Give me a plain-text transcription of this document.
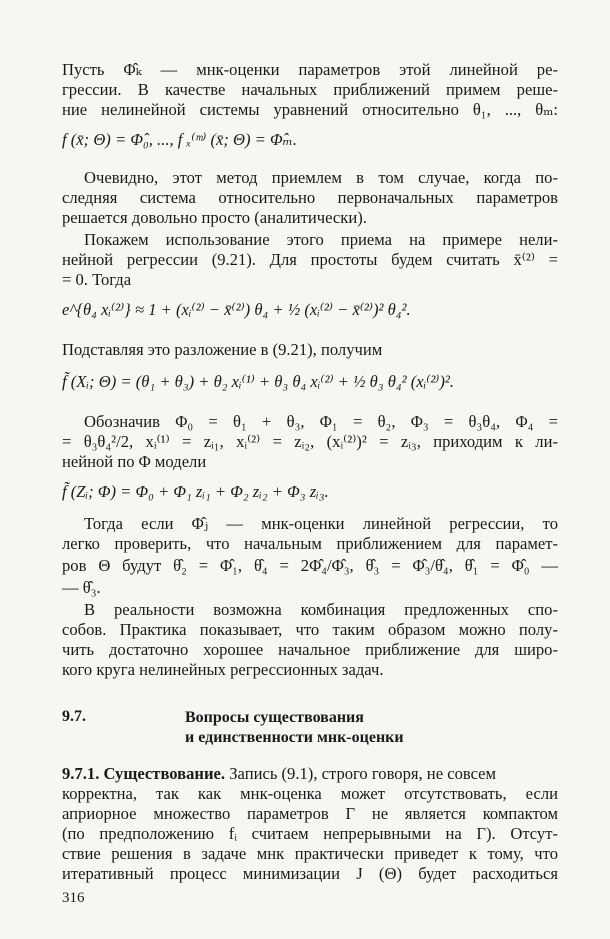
Пусть Φ̂ₖ — мнк-оценки параметров этой линейной ре-
грессии. В качестве начальных приближений примем реше-
ние нелинейной системы уравнений относительно θ₁, ..., θₘ:
f (x̄; Θ) = Φ̂₀, ..., f ₓ⁽ᵐ⁾ (x̄; Θ) = Φ̂ₘ.
Очевидно, этот метод приемлем в том случае, когда по-
следняя система относительно первоначальных параметров
решается довольно просто (аналитически).
Покажем использование этого приема на примере нели-
нейной регрессии (9.21). Для простоты будем считать x̄⁽²⁾ =
= 0. Тогда
e^{θ₄ xᵢ⁽²⁾} ≈ 1 + (xᵢ⁽²⁾ − x̄⁽²⁾) θ₄ + ½ (xᵢ⁽²⁾ − x̄⁽²⁾)² θ₄².
Подставляя это разложение в (9.21), получим
f̃ (Xᵢ; Θ) = (θ₁ + θ₃) + θ₂ xᵢ⁽¹⁾ + θ₃ θ₄ xᵢ⁽²⁾ + ½ θ₃ θ₄² (xᵢ⁽²⁾)².
Обозначив Φ₀ = θ₁ + θ₃, Φ₁ = θ₂, Φ₃ = θ₃θ₄, Φ₄ =
= θ₃θ₄²/2, xᵢ⁽¹⁾ = zᵢ₁, xᵢ⁽²⁾ = zᵢ₂, (xᵢ⁽²⁾)² = zᵢ₃, приходим к ли-
нейной по Φ модели
f̃ (Zᵢ; Φ) = Φ₀ + Φ₁ zᵢ₁ + Φ₂ zᵢ₂ + Φ₃ zᵢ₃.
Тогда если Φ̂ⱼ — мнк-оценки линейной регрессии, то
легко проверить, что начальным приближением для парамет-
ров Θ будут θ̂₂ = Φ̂₁, θ̂₄ = 2Φ̂₄/Φ̂₃, θ̂₃ = Φ̂₃/θ̂₄, θ̂₁ = Φ̂₀ —
— θ̂₃.
В реальности возможна комбинация предложенных спо-
собов. Практика показывает, что таким образом можно полу-
чить достаточно хорошее начальное приближение для широ-
кого круга нелинейных регрессионных задач.
9.7.	Вопросы существования
и единственности мнк-оценки
9.7.1. Существование. Запись (9.1), строго говоря, не совсем
корректна, так как мнк-оценка может отсутствовать, если
априорное множество параметров Γ не является компактом
(по предположению fᵢ считаем непрерывными на Γ). Отсут-
ствие решения в задаче мнк практически приведет к тому, что
итеративный процесс минимизации J (Θ) будет расходиться
316
